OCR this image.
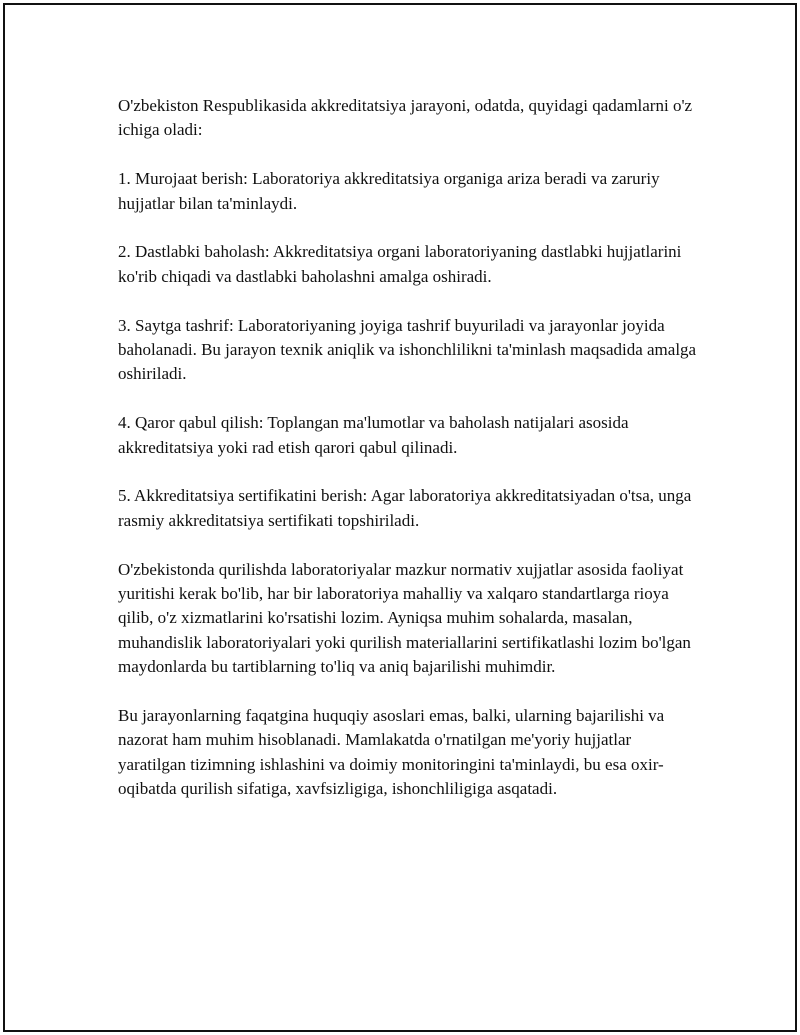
O'zbekiston Respublikasida akkreditatsiya jarayoni, odatda, quyidagi qadamlarni o'z ichiga oladi:

1. Murojaat berish: Laboratoriya akkreditatsiya organiga ariza beradi va zaruriy hujjatlar bilan ta'minlaydi.

2. Dastlabki baholash: Akkreditatsiya organi laboratoriyaning dastlabki hujjatlarini ko'rib chiqadi va dastlabki baholashni amalga oshiradi.

3. Saytga tashrif: Laboratoriyaning joyiga tashrif buyuriladi va jarayonlar joyida baholanadi. Bu jarayon texnik aniqlik va ishonchlilikni ta'minlash maqsadida amalga oshiriladi.

4. Qaror qabul qilish: Toplangan ma'lumotlar va baholash natijalari asosida akkreditatsiya yoki rad etish qarori qabul qilinadi.

5. Akkreditatsiya sertifikatini berish: Agar laboratoriya akkreditatsiyadan o'tsa, unga rasmiy akkreditatsiya sertifikati topshiriladi.

O'zbekistonda qurilishda laboratoriyalar mazkur normativ xujjatlar asosida faoliyat yuritishi kerak bo'lib, har bir laboratoriya mahalliy va xalqaro standartlarga rioya qilib, o'z xizmatlarini ko'rsatishi lozim. Ayniqsa muhim sohalarda, masalan, muhandislik laboratoriyalari yoki qurilish materiallarini sertifikatlashi lozim bo'lgan maydonlarda bu tartiblarning to'liq va aniq bajarilishi muhimdir.

Bu jarayonlarning faqatgina huquqiy asoslari emas, balki, ularning bajarilishi va nazorat ham muhim hisoblanadi. Mamlakatda o'rnatilgan me'yoriy hujjatlar yaratilgan tizimning ishlashini va doimiy monitoringini ta'minlaydi, bu esa oxir-oqibatda qurilish sifatiga, xavfsizligiga, ishonchliligiga asqatadi.
